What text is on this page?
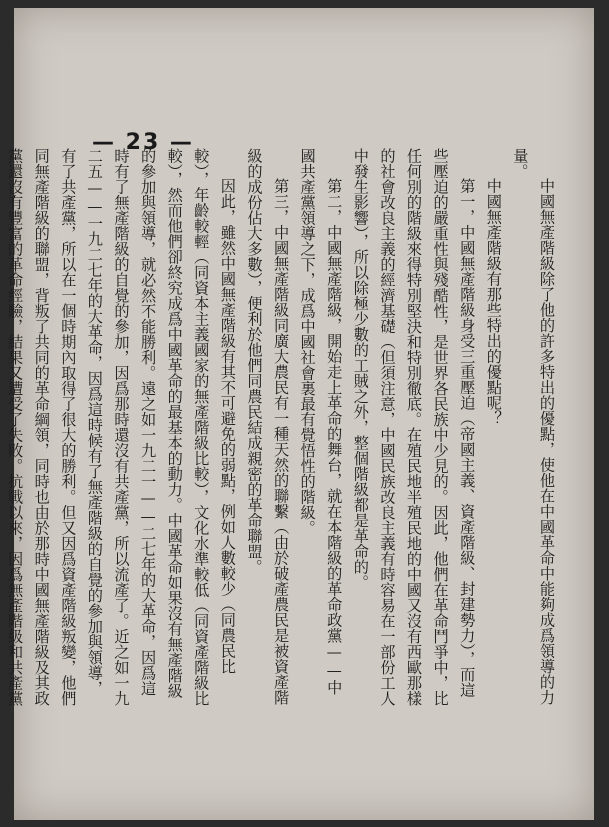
— 23 —

中國無產階級除了他的許多特出的優點，使他在中國革命中能夠成爲領導的力量。

中國無產階級有那些特出的優點呢？

第一，中國無產階級身受三重壓迫（帝國主義、資產階級、封建勢力），而這些壓迫的嚴重性與殘酷性，是世界各民族中少見的。因此，他們在革命鬥爭中，比任何別的階級來得特別堅決和特別徹底。在殖民地半殖民地的中國又沒有西歐那樣的社會改良主義的經濟基礎（但須注意，中國民族改良主義有時容易在一部份工人中發生影響），所以除極少數的工賊之外，整個階級都是革命的。

第二，中國無產階級，開始走上革命的舞台，就在本階級的革命政黨——中國共產黨領導之下，成爲中國社會裏最有覺悟性的階級。

第三，中國無產階級同廣大農民有一種天然的聯繫（由於破產農民是被資產階級的成份佔大多數），便利於他們同農民結成親密的革命聯盟。

因此，雖然中國無產階級有其不可避免的弱點，例如人數較少（同農民比較），年齡較輕（同資本主義國家的無產階級比較），文化水準較低（同資產階級比較），然而他們卻終究成爲中國革命的最基本的動力。中國革命如果沒有無產階級的參加與領導，就必然不能勝利。遠之如一九二一——二七年的大革命，因爲這時有了無產階級的自覺的參加，因爲那時還沒有共產黨，所以流產了。近之如一九二五——一九二七年的大革命，因爲這時候有了無產階級的自覺的參加與領導，有了共產黨，所以在一個時期內取得了很大的勝利。但又因爲資產階級叛變，他們同無產階級的聯盟，背叛了共同的革命綱領，同時也由於那時中國無產階級及其政黨還沒有豐富的革命經驗，結果又遭受了失敗。抗戰以來，因爲無產階級和共產黨
